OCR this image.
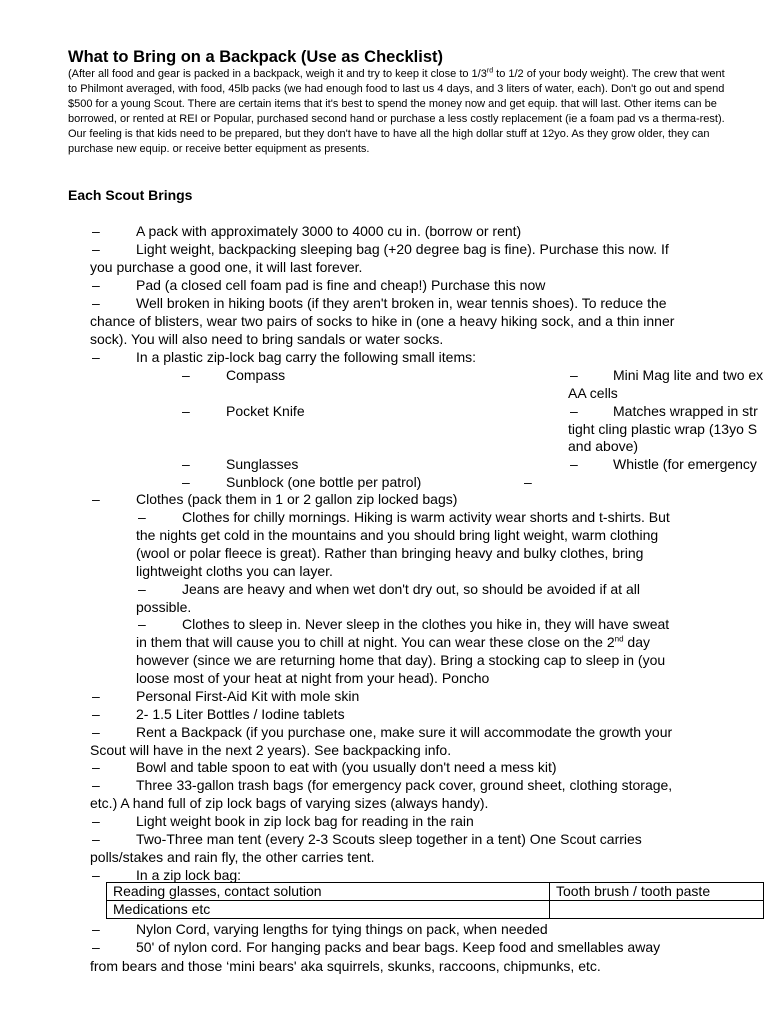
What to Bring on a Backpack (Use as Checklist)
(After all food and gear is packed in a backpack, weigh it and try to keep it close to 1/3rd to 1/2 of your body weight). The crew that went to Philmont averaged, with food, 45lb packs (we had enough food to last us 4 days, and 3 liters of water, each). Don't go out and spend $500 for a young Scout. There are certain items that it's best to spend the money now and get equip. that will last. Other items can be borrowed, or rented at REI or Popular, purchased second hand or purchase a less costly replacement (ie a foam pad vs a therma-rest). Our feeling is that kids need to be prepared, but they don't have to have all the high dollar stuff at 12yo. As they grow older, they can purchase new equip. or receive better equipment as presents.
Each Scout Brings
–	A pack with approximately 3000 to 4000 cu in. (borrow or rent)
–	Light weight, backpacking sleeping bag (+20 degree bag is fine). Purchase this now. If
you purchase a good one, it will last forever.
–	Pad (a closed cell foam pad is fine and cheap!) Purchase this now
–	Well broken in hiking boots (if they aren't broken in, wear tennis shoes). To reduce the
chance of blisters, wear two pairs of socks to hike in (one a heavy hiking sock, and a thin inner
sock). You will also need to bring sandals or water socks.
–	In a plastic zip-lock bag carry the following small items:
–	Compass
–	Pocket Knife
–	Sunglasses
–	Sunblock (one bottle per patrol)	–
–	Mini Mag lite and two ex
AA cells
–	Matches wrapped in str
tight cling plastic wrap (13yo S
and above)
–	Whistle (for emergency
–	Clothes (pack them in 1 or 2 gallon zip locked bags)
–	Clothes for chilly mornings. Hiking is warm activity wear shorts and t-shirts. But
the nights get cold in the mountains and you should bring light weight, warm clothing
(wool or polar fleece is great). Rather than bringing heavy and bulky clothes, bring
lightweight cloths you can layer.
–	Jeans are heavy and when wet don't dry out, so should be avoided if at all
possible.
–	Clothes to sleep in. Never sleep in the clothes you hike in, they will have sweat
in them that will cause you to chill at night. You can wear these close on the 2nd day
however (since we are returning home that day). Bring a stocking cap to sleep in (you
loose most of your heat at night from your head). Poncho
–	Personal First-Aid Kit with mole skin
–	2- 1.5 Liter Bottles / Iodine tablets
–	Rent a Backpack (if you purchase one, make sure it will accommodate the growth your
Scout will have in the next 2 years). See backpacking info.
–	Bowl and table spoon to eat with (you usually don't need a mess kit)
–	Three 33-gallon trash bags (for emergency pack cover, ground sheet, clothing storage,
etc.) A hand full of zip lock bags of varying sizes (always handy).
–	Light weight book in zip lock bag for reading in the rain
–	Two-Three man tent (every 2-3 Scouts sleep together in a tent) One Scout carries
polls/stakes and rain fly, the other carries tent.
–	In a zip lock bag:
Reading glasses, contact solution	Tooth brush / tooth paste
Medications etc	
–	Nylon Cord, varying lengths for tying things on pack, when needed
–	50' of nylon cord. For hanging packs and bear bags. Keep food and smellables away
from bears and those ‘mini bears' aka squirrels, skunks, raccoons, chipmunks, etc.
